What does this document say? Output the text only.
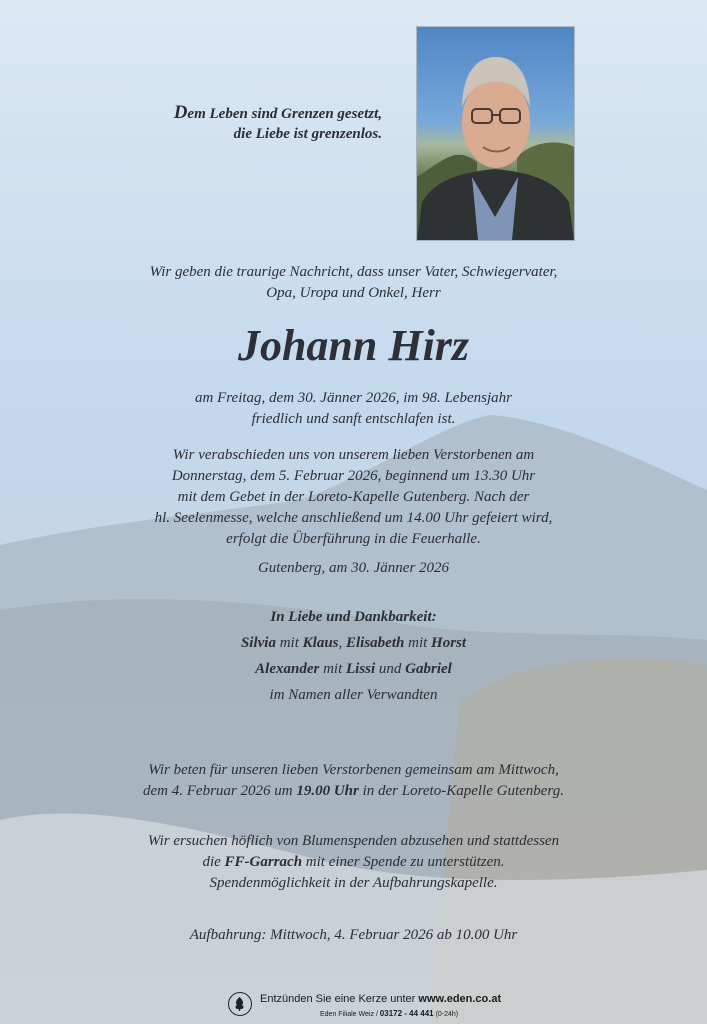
Dem Leben sind Grenzen gesetzt,
die Liebe ist grenzenlos.
Wir geben die traurige Nachricht, dass unser Vater, Schwiegervater,
Opa, Uropa und Onkel, Herr
Johann Hirz
am Freitag, dem 30. Jänner 2026, im 98. Lebensjahr
friedlich und sanft entschlafen ist.
Wir verabschieden uns von unserem lieben Verstorbenen am
Donnerstag, dem 5. Februar 2026, beginnend um 13.30 Uhr
mit dem Gebet in der Loreto-Kapelle Gutenberg. Nach der
hl. Seelenmesse, welche anschließend um 14.00 Uhr gefeiert wird,
erfolgt die Überführung in die Feuerhalle.
Gutenberg, am 30. Jänner 2026
In Liebe und Dankbarkeit:
Silvia mit Klaus, Elisabeth mit Horst
Alexander mit Lissi und Gabriel
im Namen aller Verwandten
Wir beten für unseren lieben Verstorbenen gemeinsam am Mittwoch,
dem 4. Februar 2026 um 19.00 Uhr in der Loreto-Kapelle Gutenberg.
Wir ersuchen höflich von Blumenspenden abzusehen und stattdessen
die FF-Garrach mit einer Spende zu unterstützen.
Spendenmöglichkeit in der Aufbahrungskapelle.
Aufbahrung: Mittwoch, 4. Februar 2026 ab 10.00 Uhr
Entzünden Sie eine Kerze unter www.eden.co.at
Eden Filiale Weiz / 03172 - 44 441 (0-24h)
